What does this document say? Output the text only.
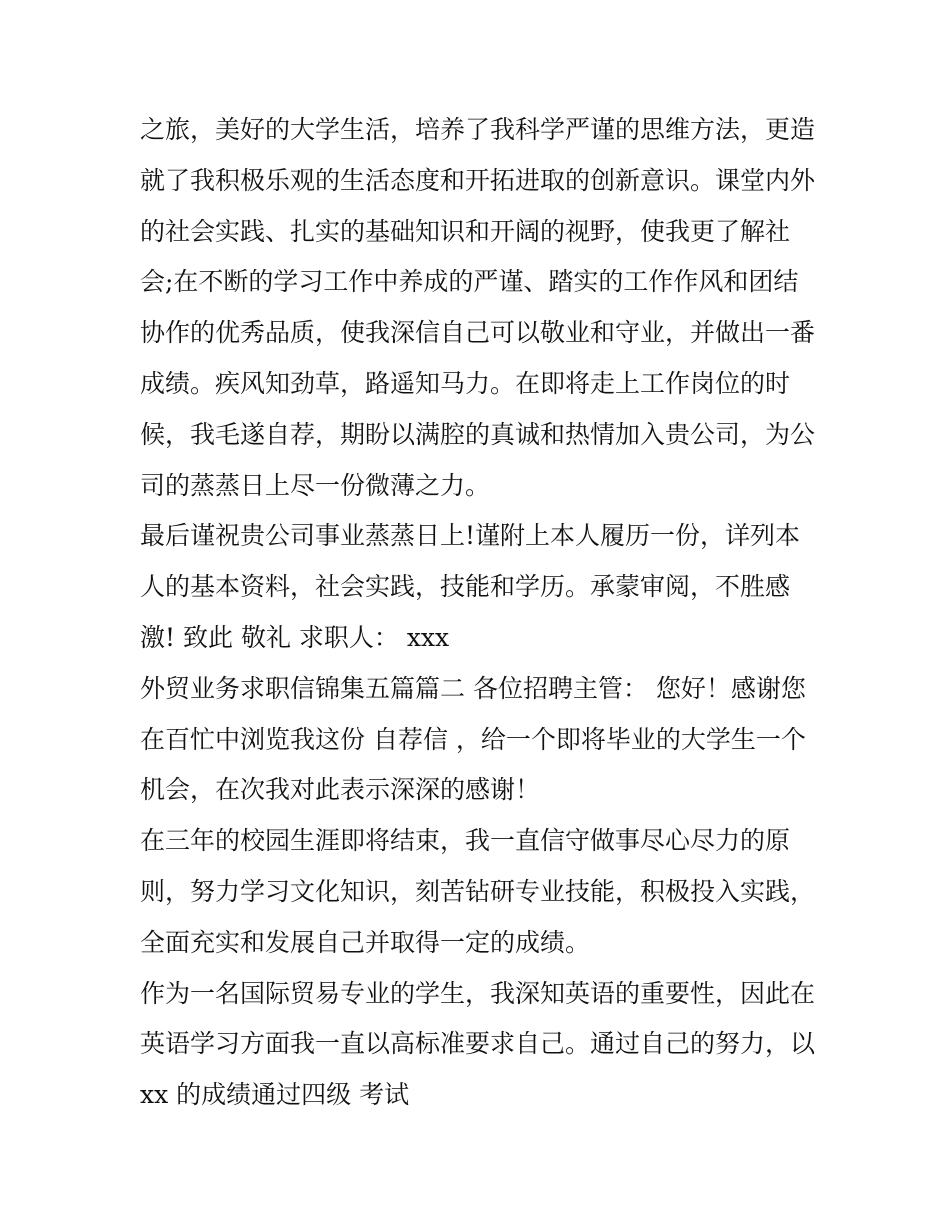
之旅，美好的大学生活，培养了我科学严谨的思维方法，更造
就了我积极乐观的生活态度和开拓进取的创新意识。课堂内外
的社会实践、扎实的基础知识和开阔的视野，使我更了解社
会;在不断的学习工作中养成的严谨、踏实的工作作风和团结
协作的优秀品质，使我深信自己可以敬业和守业，并做出一番
成绩。疾风知劲草，路遥知马力。在即将走上工作岗位的时
候，我毛遂自荐，期盼以满腔的真诚和热情加入贵公司，为公
司的蒸蒸日上尽一份微薄之力。
最后谨祝贵公司事业蒸蒸日上!谨附上本人履历一份，详列本
人的基本资料，社会实践，技能和学历。承蒙审阅，不胜感
激! 致此 敬礼 求职人： xxx
外贸业务求职信锦集五篇篇二 各位招聘主管： 您好！感谢您
在百忙中浏览我这份 自荐信 ，给一个即将毕业的大学生一个
机会，在次我对此表示深深的感谢！
在三年的校园生涯即将结束，我一直信守做事尽心尽力的原
则，努力学习文化知识，刻苦钻研专业技能，积极投入实践，
全面充实和发展自己并取得一定的成绩。
作为一名国际贸易专业的学生，我深知英语的重要性，因此在
英语学习方面我一直以高标准要求自己。通过自己的努力，以
xx 的成绩通过四级 考试
